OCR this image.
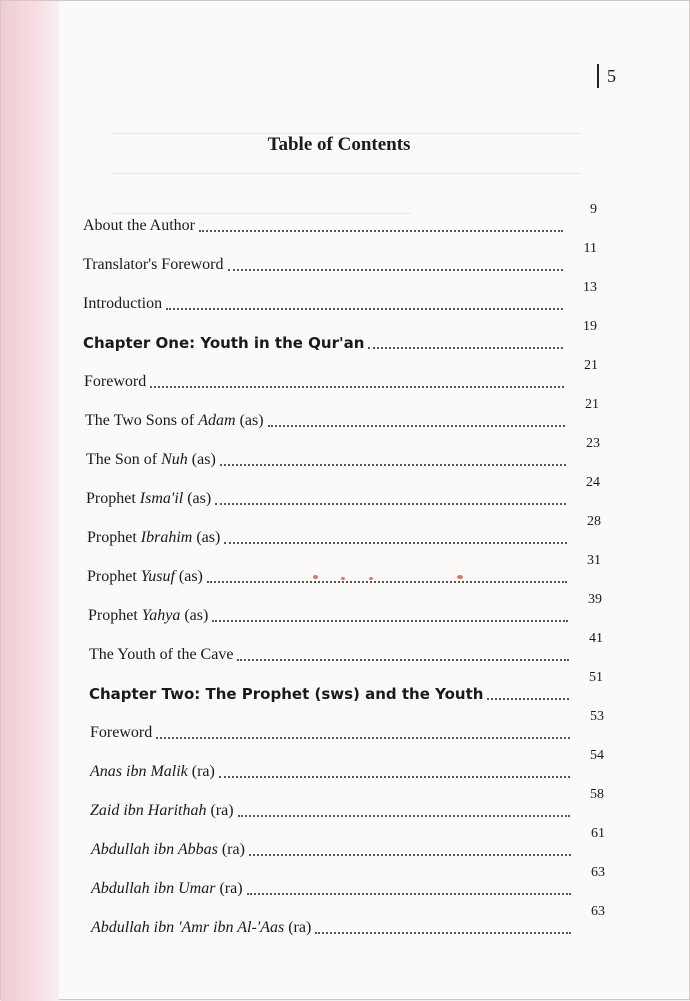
5
Table of Contents
About the Author
9
Translator's Foreword
11
Introduction
13
Chapter One: Youth in the Qur'an
19
Foreword
21
The Two Sons of Adam (as)
21
The Son of Nuh (as)
23
Prophet Isma'il (as)
24
Prophet Ibrahim (as)
28
Prophet Yusuf (as)
31
Prophet Yahya (as)
39
The Youth of the Cave
41
Chapter Two: The Prophet (sws) and the Youth
51
Foreword
53
Anas ibn Malik (ra)
54
Zaid ibn Harithah (ra)
58
Abdullah ibn Abbas (ra)
61
Abdullah ibn Umar (ra)
63
Abdullah ibn 'Amr ibn Al-'Aas (ra)
63
